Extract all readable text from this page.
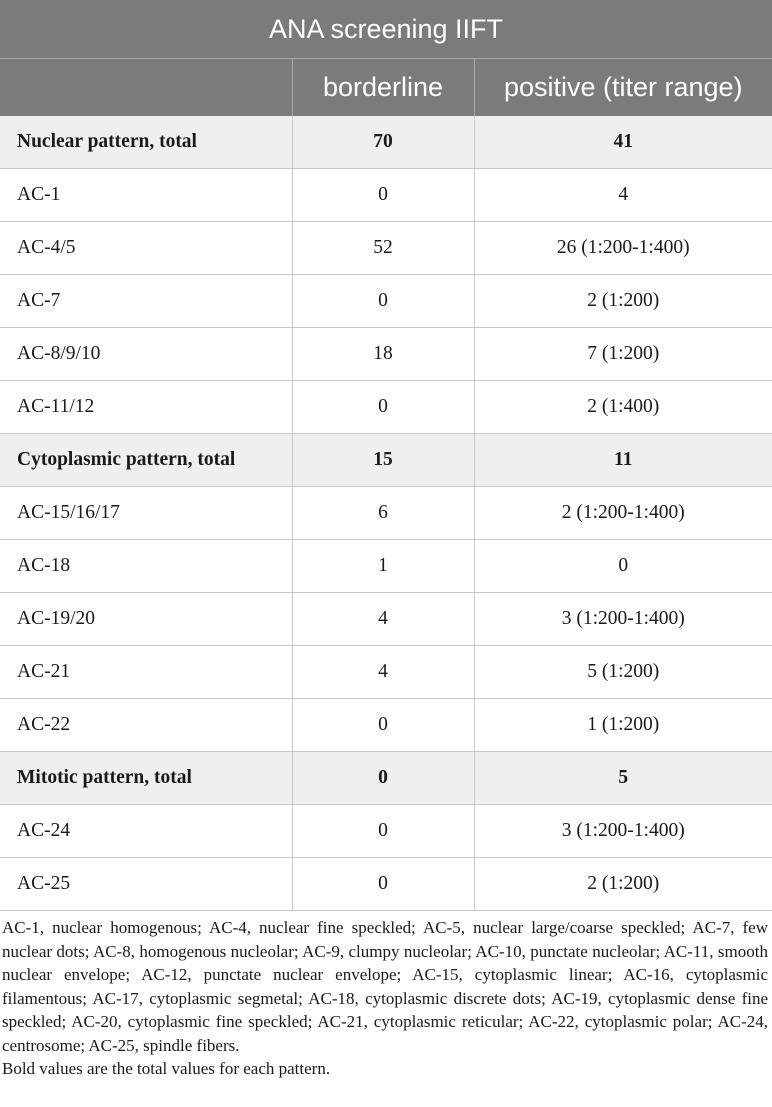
ANA screening IIFT		
	borderline	positive (titer range)
Nuclear pattern, total	70	41
AC-1	0	4
AC-4/5	52	26 (1:200-1:400)
AC-7	0	2 (1:200)
AC-8/9/10	18	7 (1:200)
AC-11/12	0	2 (1:400)
Cytoplasmic pattern, total	15	11
AC-15/16/17	6	2 (1:200-1:400)
AC-18	1	0
AC-19/20	4	3 (1:200-1:400)
AC-21	4	5 (1:200)
AC-22	0	1 (1:200)
Mitotic pattern, total	0	5
AC-24	0	3 (1:200-1:400)
AC-25	0	2 (1:200)

AC-1, nuclear homogenous; AC-4, nuclear fine speckled; AC-5, nuclear large/coarse speckled; AC-7, few nuclear dots; AC-8, homogenous nucleolar; AC-9, clumpy nucleolar; AC-10, punctate nucleolar; AC-11, smooth nuclear envelope; AC-12, punctate nuclear envelope; AC-15, cytoplasmic linear; AC-16, cytoplasmic filamentous; AC-17, cytoplasmic segmetal; AC-18, cytoplasmic discrete dots; AC-19, cytoplasmic dense fine speckled; AC-20, cytoplasmic fine speckled; AC-21, cytoplasmic reticular; AC-22, cytoplasmic polar; AC-24, centrosome; AC-25, spindle fibers.
Bold values are the total values for each pattern.
